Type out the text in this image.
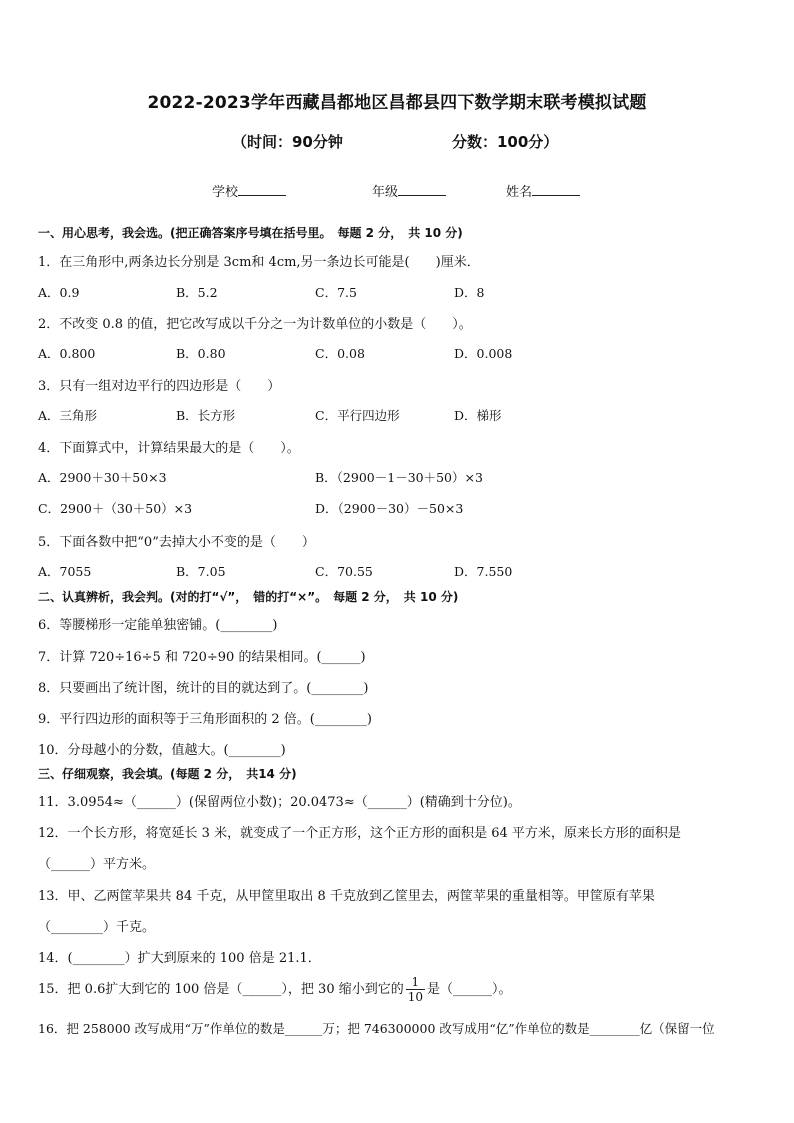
2022-2023学年西藏昌都地区昌都县四下数学期末联考模拟试题
（时间：90分钟	分数：100分）
学校	年级	姓名
一、用心思考，我会选。(把正确答案序号填在括号里。　每题 2 分，　共 10 分)
1．在三角形中,两条边长分别是 3cm和 4cm,另一条边长可能是(　　)厘米．
A．0.9	B．5.2	C．7.5	D．8
2．不改变 0.8 的值，把它改写成以千分之一为计数单位的小数是（　　）。
A．0.800	B．0.80	C．0.08	D．0.008
3．只有一组对边平行的四边形是（　　）
A．三角形	B．长方形	C．平行四边形	D．梯形
4．下面算式中，计算结果最大的是（　　）。
A．2900＋30＋50×3	B．（2900－1－30＋50）×3
C．2900＋（30＋50）×3	D．（2900－30）－50×3
5．下面各数中把“0”去掉大小不变的是（　　）
A．7055	B．7.05	C．70.55	D．7.550
二、认真辨析，我会判。(对的打“√”，　错的打“×”。　每题 2 分，　共 10 分)
6．等腰梯形一定能单独密铺。(________)
7．计算 720÷16÷5 和 720÷90 的结果相同。(______)
8．只要画出了统计图，统计的目的就达到了。(________)
9．平行四边形的面积等于三角形面积的 2 倍。(________)
10．分母越小的分数，值越大。(________)
三、仔细观察，我会填。(每题 2 分，　共14 分)
11．3.0954≈（______）(保留两位小数)；20.0473≈（______）(精确到十分位)。
12．一个长方形，将宽延长 3 米，就变成了一个正方形，这个正方形的面积是 64 平方米，原来长方形的面积是
（______）平方米。
13．甲、乙两筐苹果共 84 千克，从甲筐里取出 8 千克放到乙筐里去，两筐苹果的重量相等。甲筐原有苹果
（________）千克。
14．(________）扩大到原来的 100 倍是 21.1．
15．把 0.6扩大到它的 100 倍是（______），把 30 缩小到它的 $\frac{1}{10}$ 是（______）。
16．把 258000 改写成用“万”作单位的数是______万；把 746300000 改写成用“亿”作单位的数是________亿（保留一位
